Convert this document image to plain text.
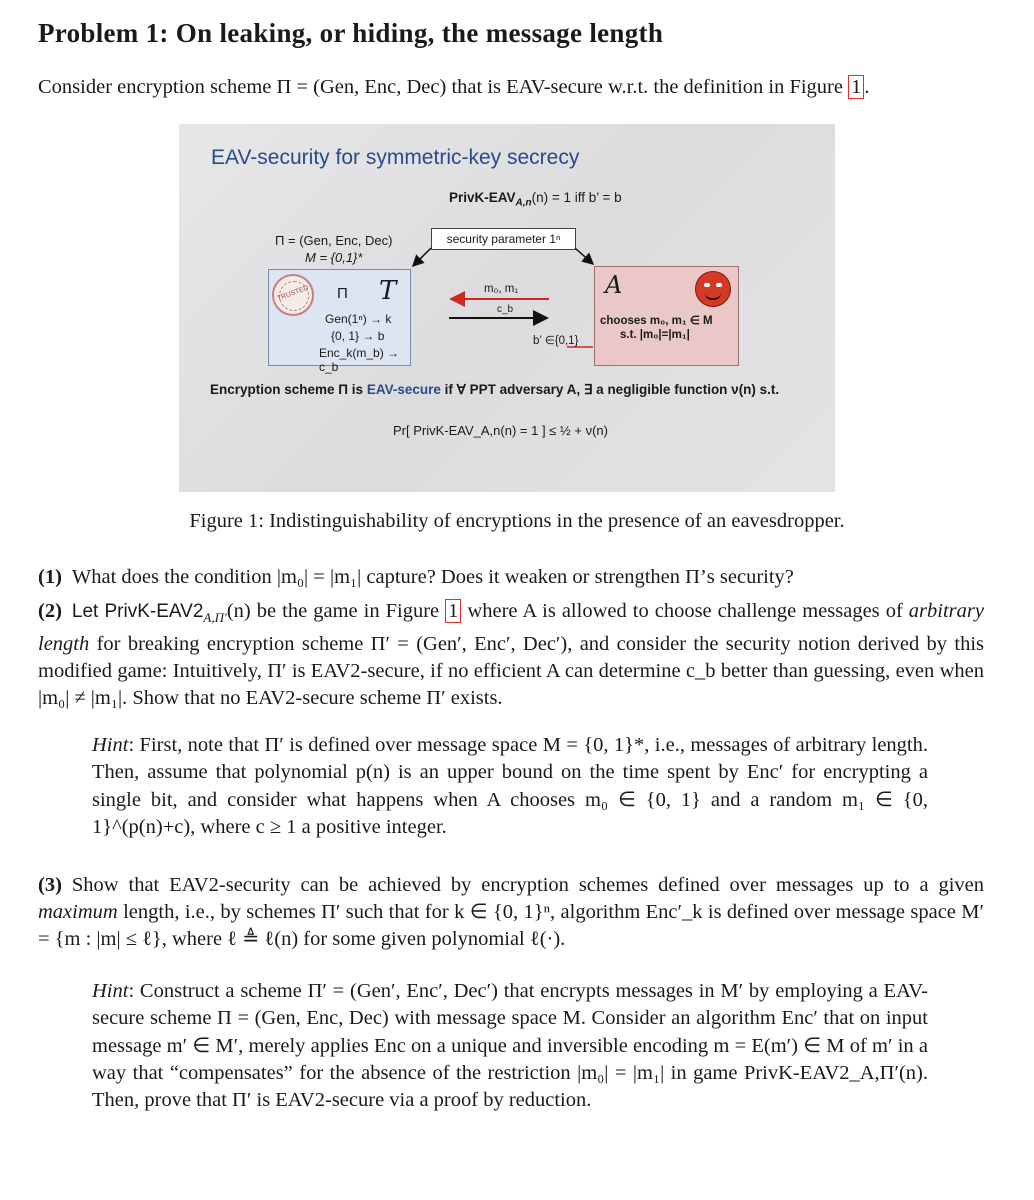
Problem 1: On leaking, or hiding, the message length

Consider encryption scheme Π = (Gen, Enc, Dec) that is EAV-secure w.r.t. the definition in Figure 1 .

EAV-security for symmetric-key secrecy
PrivK-$EAV_{A,n}(n) = 1$ iff b’ = b
Π = (Gen, Enc, Dec)
M = {0,1}*
security parameter 1ⁿ
TRUSTED Π T
Gen(1ⁿ) → k
{0, 1} → b
Enc_k(m_b) → c_b
A
chooses m₀, m₁ ∈ M
s.t. |m₀|=|m₁|
m₀, m₁
c_b
b’ ∈{0,1}
Encryption scheme Π is EAV-secure if ∀ PPT adversary A, ∃ a negligible function ν(n) s.t.
Pr[ PrivK-EAV_A,n(n) = 1 ] ≤ ½ + ν(n)
Figure 1: Indistinguishability of encryptions in the presence of an eavesdropper.

(1) What does the condition |m₀| = |m₁| capture? Does it weaken or strengthen Π’s security?

(2) Let PrivK-$EAV2_{A,\Pi'}(n)$ be the game in Figure 1 where A is allowed to choose challenge messages of arbitrary length for breaking encryption scheme Π′ = (Gen′, Enc′, Dec′), and consider the security notion derived by this modified game: Intuitively, Π′ is EAV2-secure, if no efficient A can determine c_b better than guessing, even when |m₀| ≠ |m₁|. Show that no EAV2-secure scheme Π′ exists.

Hint: First, note that Π′ is defined over message space M = {0, 1}*, i.e., messages of arbitrary length. Then, assume that polynomial p(n) is an upper bound on the time spent by Enc′ for encrypting a single bit, and consider what happens when A chooses m₀ ∈ {0, 1} and a random m₁ ∈ {0, 1}^(p(n)+c), where c ≥ 1 a positive integer.

(3) Show that EAV2-security can be achieved by encryption schemes defined over messages up to a given maximum length, i.e., by schemes Π′ such that for k ∈ {0, 1}ⁿ, algorithm Enc′_k is defined over message space M′ = {m : |m| ≤ ℓ}, where ℓ ≜ ℓ(n) for some given polynomial ℓ(·).

Hint: Construct a scheme Π′ = (Gen′, Enc′, Dec′) that encrypts messages in M′ by employing a EAV-secure scheme Π = (Gen, Enc, Dec) with message space M. Consider an algorithm Enc′ that on input message m′ ∈ M′, merely applies Enc on a unique and inversible encoding m = E(m′) ∈ M of m′ in a way that “compensates” for the absence of the restriction |m₀| = |m₁| in game PrivK-EAV2_A,Π′(n). Then, prove that Π′ is EAV2-secure via a proof by reduction.
